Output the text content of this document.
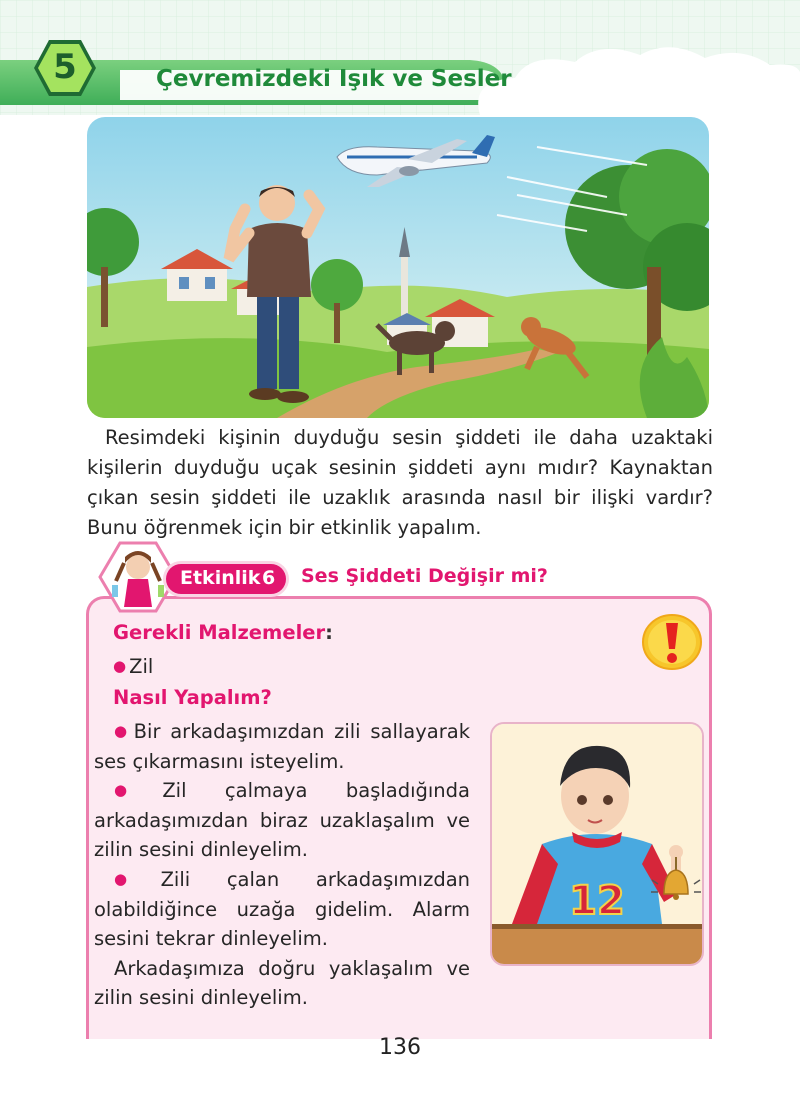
5	Çevremizdeki Işık ve Sesler

Resimdeki kişinin duyduğu sesin şiddeti ile daha uzaktaki kişilerin duyduğu uçak sesinin şiddeti aynı mıdır? Kaynaktan çıkan sesin şiddeti ile uzaklık arasında nasıl bir ilişki vardır? Bunu öğrenmek için bir etkinlik yapalım.

Etkinlik 6 Ses Şiddeti Değişir mi?
Gerekli Malzemeler:
● Zil
Nasıl Yapalım?

● Bir arkadaşımızdan zili sallayarak ses çıkarmasını isteyelim.

● Zil çalmaya başladığında arkadaşımızdan biraz uzaklaşalım ve zilin sesini dinleyelim.

● Zili çalan arkadaşımızdan olabildiğince uzağa gidelim. Alarm sesini tekrar dinleyelim.

Arkadaşımıza doğru yaklaşalım ve zilin sesini dinleyelim.

12

136
